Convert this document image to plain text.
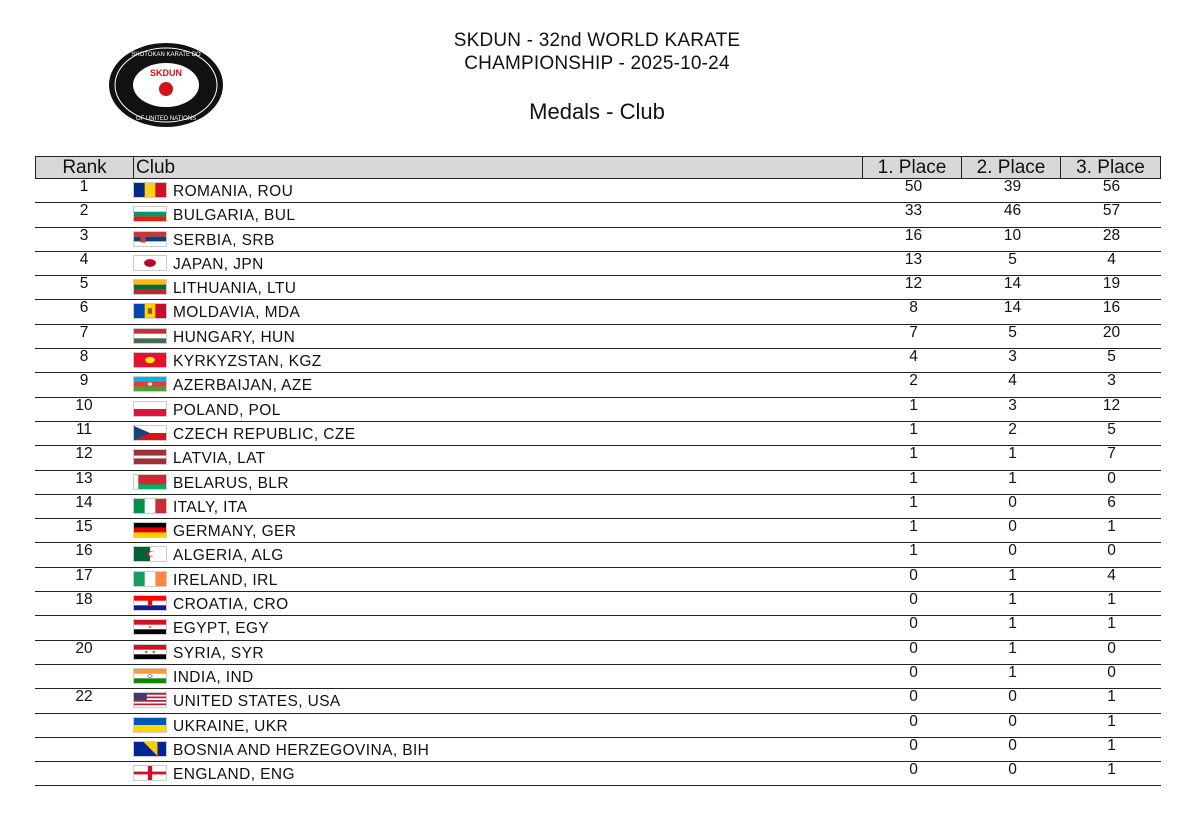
SKDUN
SHOTOKAN KARATE DO
OF UNITED NATIONS
SKDUN - 32nd WORLD KARATE
CHAMPIONSHIP - 2025-10-24
Medals - Club
Rank	Club	1. Place	2. Place	3. Place
1	ROMANIA, ROU	50	39	56
2	BULGARIA, BUL	33	46	57
3	SERBIA, SRB	16	10	28
4	JAPAN, JPN	13	5	4
5	LITHUANIA, LTU	12	14	19
6	MOLDAVIA, MDA	8	14	16
7	HUNGARY, HUN	7	5	20
8	KYRKYZSTAN, KGZ	4	3	5
9	AZERBAIJAN, AZE	2	4	3
10	POLAND, POL	1	3	12
11	CZECH REPUBLIC, CZE	1	2	5
12	LATVIA, LAT	1	1	7
13	BELARUS, BLR	1	1	0
14	ITALY, ITA	1	0	6
15	GERMANY, GER	1	0	1
16	ALGERIA, ALG	1	0	0
17	IRELAND, IRL	0	1	4
18	CROATIA, CRO	0	1	1
EGYPT, EGY	0	1	1
20	SYRIA, SYR	0	1	0
INDIA, IND	0	1	0
22	UNITED STATES, USA	0	0	1
UKRAINE, UKR	0	0	1
BOSNIA AND HERZEGOVINA, BIH	0	0	1
ENGLAND, ENG	0	0	1
